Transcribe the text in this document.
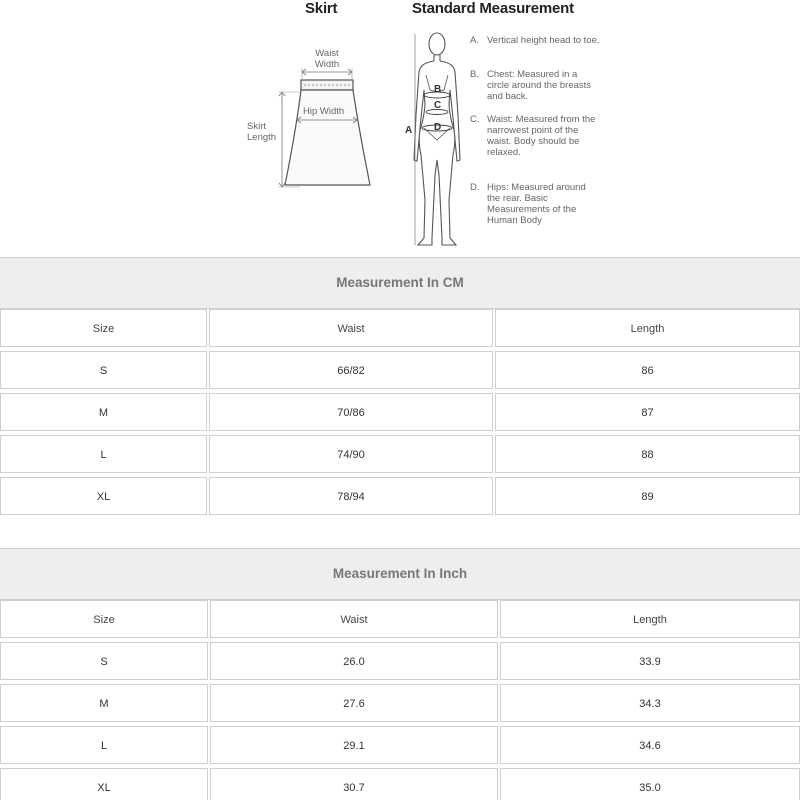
Skirt	Standard Measurement
Waist
Width
Hip Width
Skirt
Length
A
B
C
D
A. Vertical height head to toe.
B. Chest: Measured in a circle around the breasts and back.
C. Waist: Measured from the narrowest point of the waist. Body should be relaxed.
D. Hips: Measured around the rear. Basic Measurements of the Human Body
Measurement In CM
Size	Waist	Length
S	66/82	86
M	70/86	87
L	74/90	88
XL	78/94	89
Measurement In Inch
Size	Waist	Length
S	26.0	33.9
M	27.6	34.3
L	29.1	34.6
XL	30.7	35.0
